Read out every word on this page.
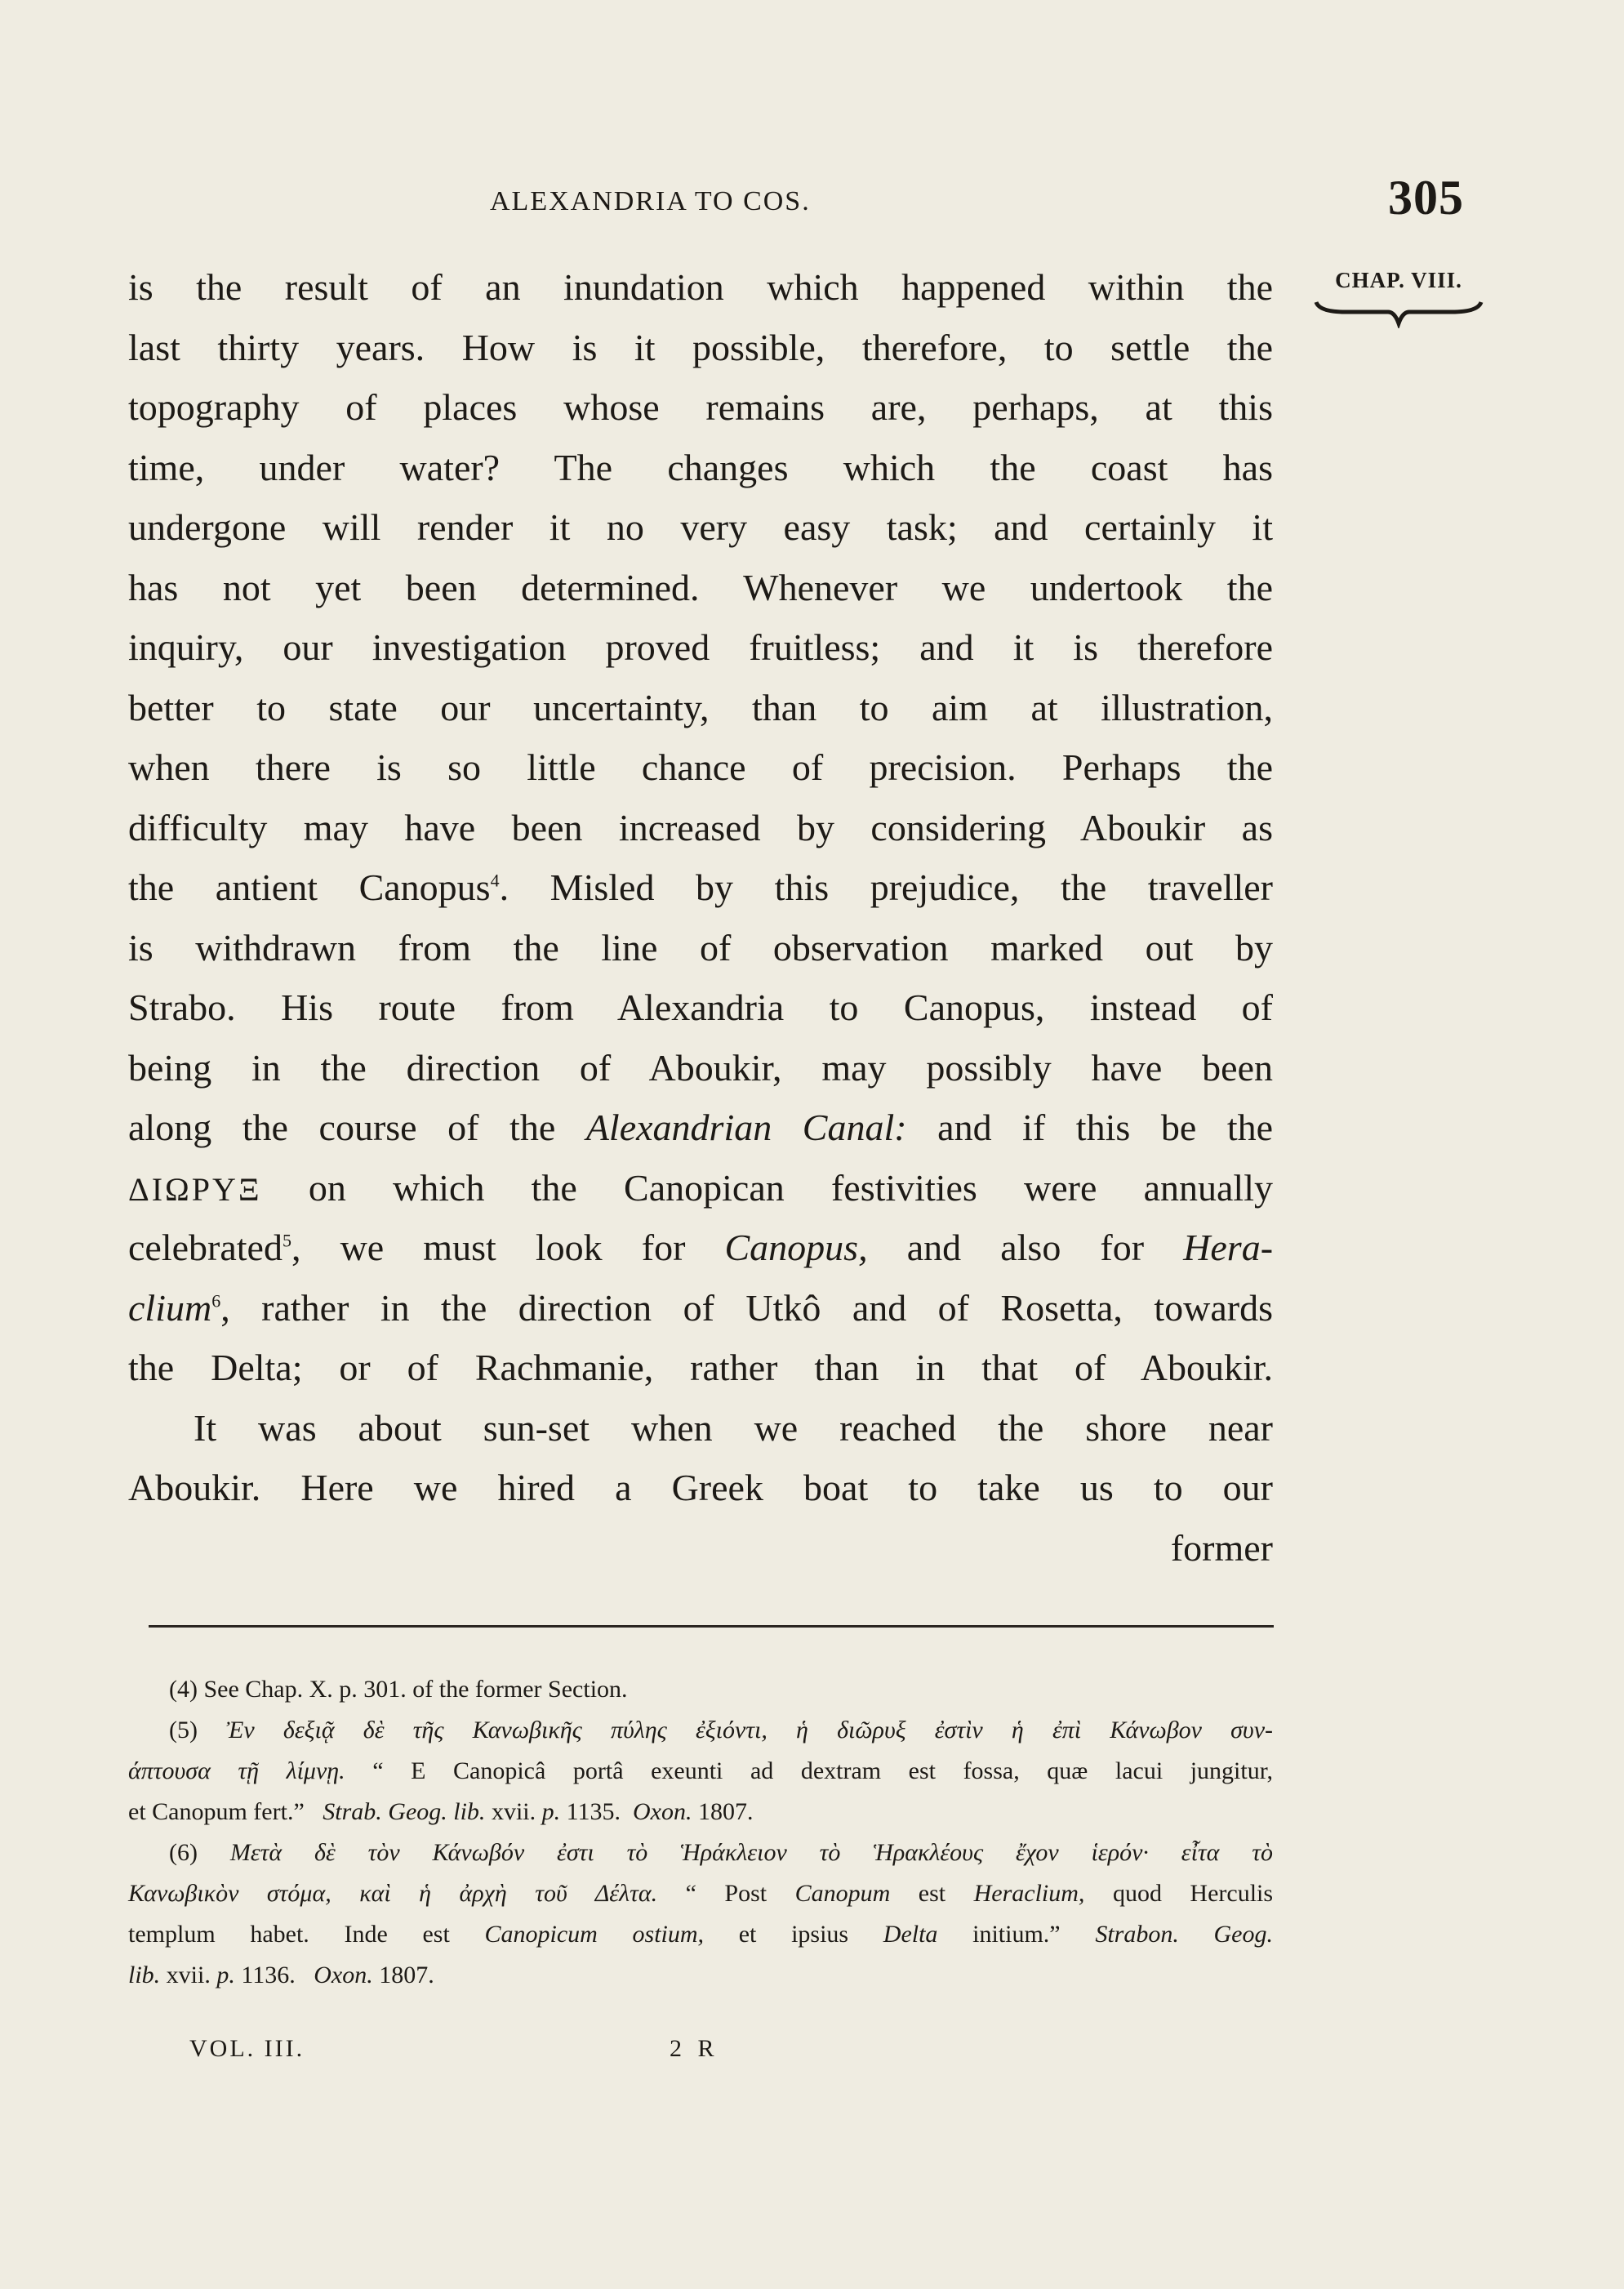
ALEXANDRIA TO COS.	305
CHAP. VIII.
is the result of an inundation which happened within the
last thirty years. How is it possible, therefore, to settle the
topography of places whose remains are, perhaps, at this
time, under water? The changes which the coast has
undergone will render it no very easy task; and certainly it
has not yet been determined. Whenever we undertook the
inquiry, our investigation proved fruitless; and it is therefore
better to state our uncertainty, than to aim at illustration,
when there is so little chance of precision. Perhaps the
difficulty may have been increased by considering Aboukir as
the antient Canopus$^4$. Misled by this prejudice, the traveller
is withdrawn from the line of observation marked out by
Strabo. His route from Alexandria to Canopus, instead of
being in the direction of Aboukir, may possibly have been
along the course of the Alexandrian Canal: and if this be the
ΔΙΩΡΥΞ on which the Canopican festivities were annually
celebrated$^5$, we must look for Canopus, and also for Hera-
clium$^6$, rather in the direction of Utkô and of Rosetta, towards
the Delta; or of Rachmanie, rather than in that of Aboukir.
It was about sun-set when we reached the shore near
Aboukir. Here we hired a Greek boat to take us to our
former
(4) See Chap. X. p. 301. of the former Section.
(5) Ἐν δεξιᾷ δὲ τῆς Κανωβικῆς πύλης ἐξιόντι, ἡ διῶρυξ ἐστὶν ἡ ἐπὶ Κάνωβον συν-
άπτουσα τῇ λίμνῃ. “ E Canopicâ portâ exeunti ad dextram est fossa, quæ lacui jungitur,
et Canopum fert.” Strab. Geog. lib. xvii. p. 1135. Oxon. 1807.
(6) Μετὰ δὲ τὸν Κάνωβόν ἐστι τὸ Ἡράκλειον τὸ Ἡρακλέους ἔχον ἱερόν· εἶτα τὸ
Κανωβικὸν στόμα, καὶ ἡ ἀρχὴ τοῦ Δέλτα. “ Post Canopum est Heraclium, quod Herculis
templum habet. Inde est Canopicum ostium, et ipsius Delta initium.” Strabon. Geog.
lib. xvii. p. 1136. Oxon. 1807.
VOL. III.	2 R
